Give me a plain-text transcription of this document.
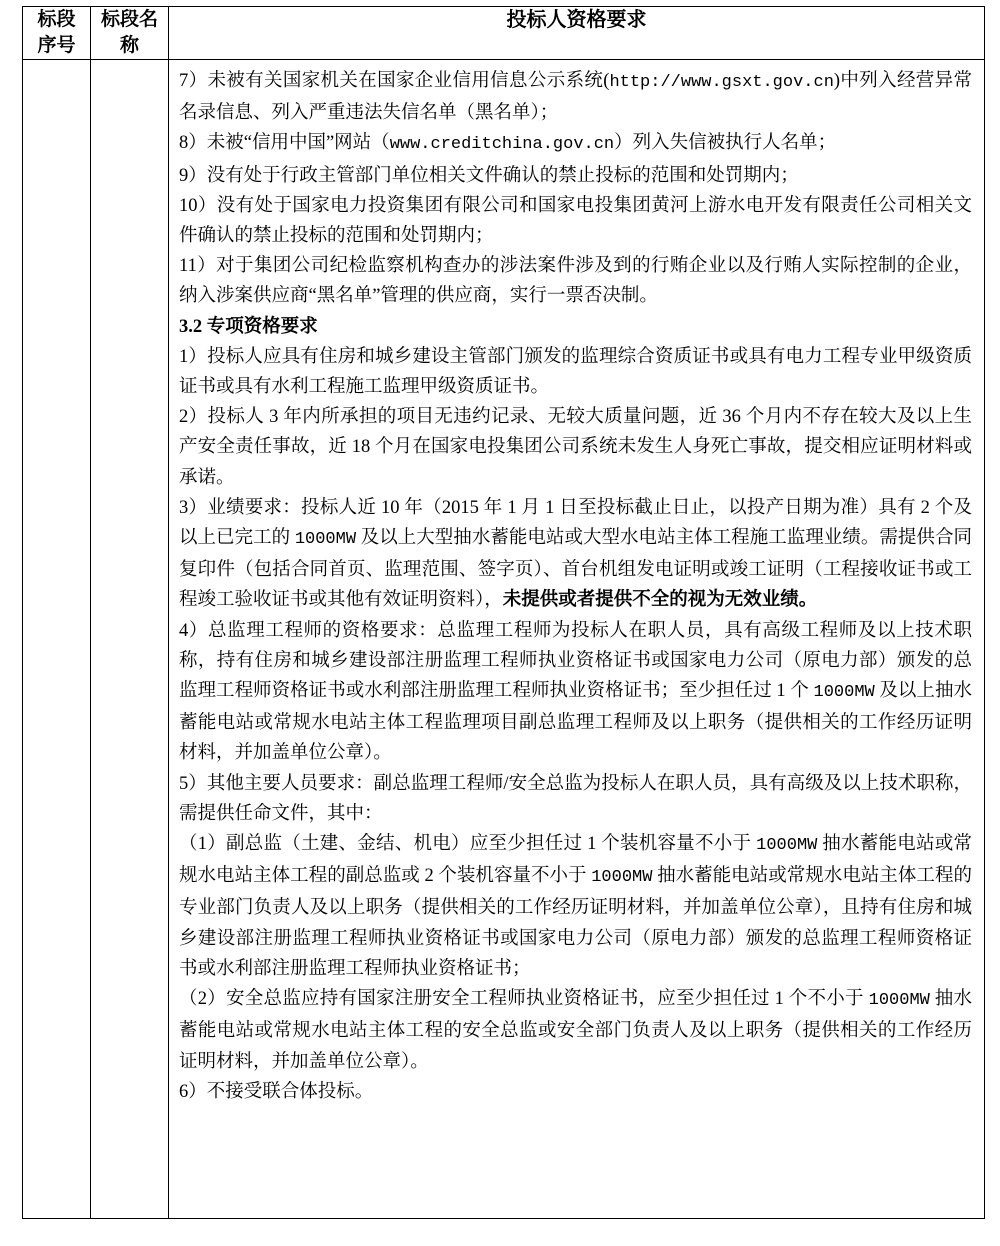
标段
序号

标段名
称
	投标人资格要求

7）未被有关国家机关在国家企业信用信息公示系统(http://www.gsxt.gov.cn)中列入经营异常名录信息、列入严重违法失信名单（黑名单）；

8）未被“信用中国”网站（www.creditchina.gov.cn）列入失信被执行人名单；

9）没有处于行政主管部门单位相关文件确认的禁止投标的范围和处罚期内；

10）没有处于国家电力投资集团有限公司和国家电投集团黄河上游水电开发有限责任公司相关文件确认的禁止投标的范围和处罚期内；

11）对于集团公司纪检监察机构查办的涉法案件涉及到的行贿企业以及行贿人实际控制的企业，纳入涉案供应商“黑名单”管理的供应商，实行一票否决制。

3.2 专项资格要求

1）投标人应具有住房和城乡建设主管部门颁发的监理综合资质证书或具有电力工程专业甲级资质证书或具有水利工程施工监理甲级资质证书。

2）投标人 3 年内所承担的项目无违约记录、无较大质量问题，近 36 个月内不存在较大及以上生产安全责任事故，近 18 个月在国家电投集团公司系统未发生人身死亡事故，提交相应证明材料或承诺。

3）业绩要求：投标人近 10 年（2015 年 1 月 1 日至投标截止日止，以投产日期为准）具有 2 个及以上已完工的 1000MW 及以上大型抽水蓄能电站或大型水电站主体工程施工监理业绩。需提供合同复印件（包括合同首页、监理范围、签字页）、首台机组发电证明或竣工证明（工程接收证书或工程竣工验收证书或其他有效证明资料），未提供或者提供不全的视为无效业绩。

4）总监理工程师的资格要求：总监理工程师为投标人在职人员，具有高级工程师及以上技术职称，持有住房和城乡建设部注册监理工程师执业资格证书或国家电力公司（原电力部）颁发的总监理工程师资格证书或水利部注册监理工程师执业资格证书；至少担任过 1 个 1000MW 及以上抽水蓄能电站或常规水电站主体工程监理项目副总监理工程师及以上职务（提供相关的工作经历证明材料，并加盖单位公章）。

5）其他主要人员要求：副总监理工程师/安全总监为投标人在职人员，具有高级及以上技术职称，需提供任命文件，其中：

（1）副总监（土建、金结、机电）应至少担任过 1 个装机容量不小于 1000MW 抽水蓄能电站或常规水电站主体工程的副总监或 2 个装机容量不小于 1000MW 抽水蓄能电站或常规水电站主体工程的专业部门负责人及以上职务（提供相关的工作经历证明材料，并加盖单位公章），且持有住房和城乡建设部注册监理工程师执业资格证书或国家电力公司（原电力部）颁发的总监理工程师资格证书或水利部注册监理工程师执业资格证书；

（2）安全总监应持有国家注册安全工程师执业资格证书，应至少担任过 1 个不小于 1000MW 抽水蓄能电站或常规水电站主体工程的安全总监或安全部门负责人及以上职务（提供相关的工作经历证明材料，并加盖单位公章）。

6）不接受联合体投标。
